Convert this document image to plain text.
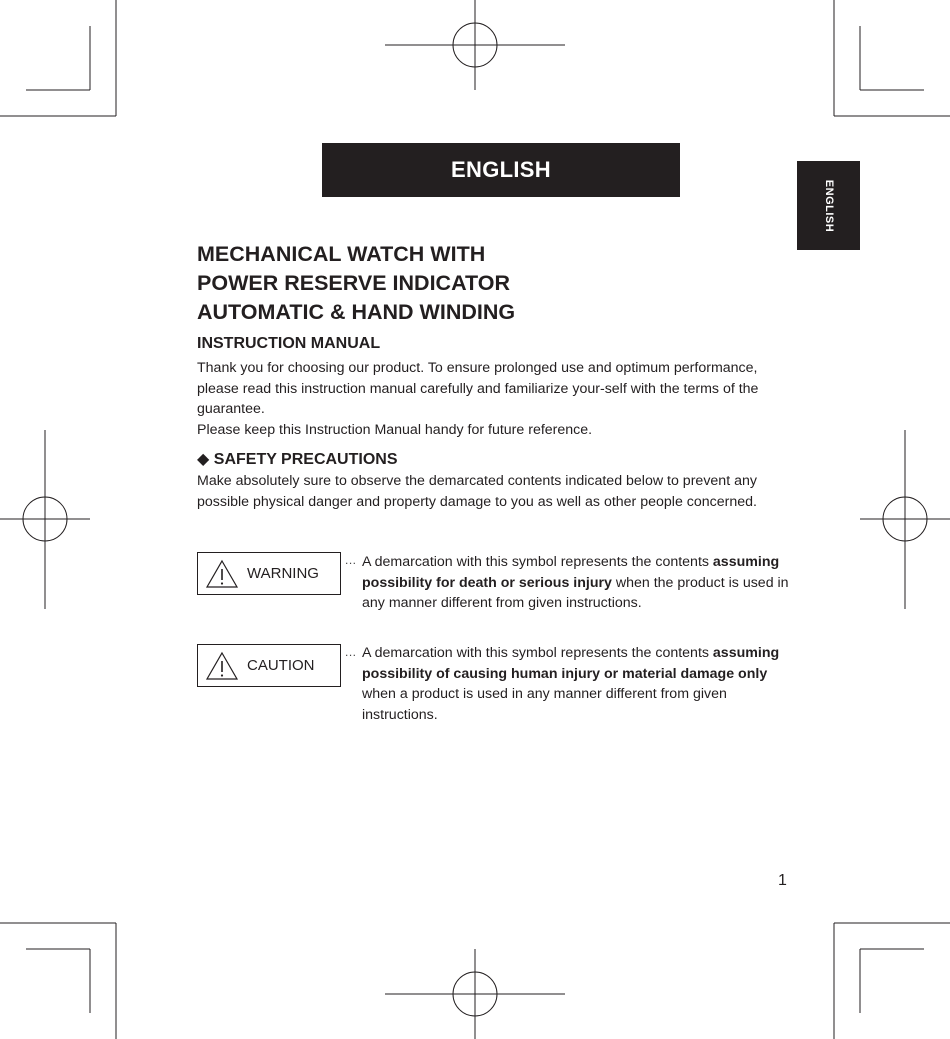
ENGLISH
ENGLISH
MECHANICAL WATCH WITH
POWER RESERVE INDICATOR
AUTOMATIC & HAND WINDING
INSTRUCTION MANUAL

Thank you for choosing our product. To ensure prolonged use and optimum performance, please read this instruction manual carefully and familiarize your-self with the terms of the guarantee.

Please keep this Instruction Manual handy for future reference.

◆ SAFETY PRECAUTIONS

Make absolutely sure to observe the demarcated contents indicated below to prevent any possible physical danger and property damage to you as well as other people concerned.

WARNING
... A demarcation with this symbol represents the contents assuming possibility for death or serious injury when the product is used in any manner different from given instructions.

CAUTION
... A demarcation with this symbol represents the contents assuming possibility of causing human injury or material damage only when a product is used in any manner different from given instructions.

1
